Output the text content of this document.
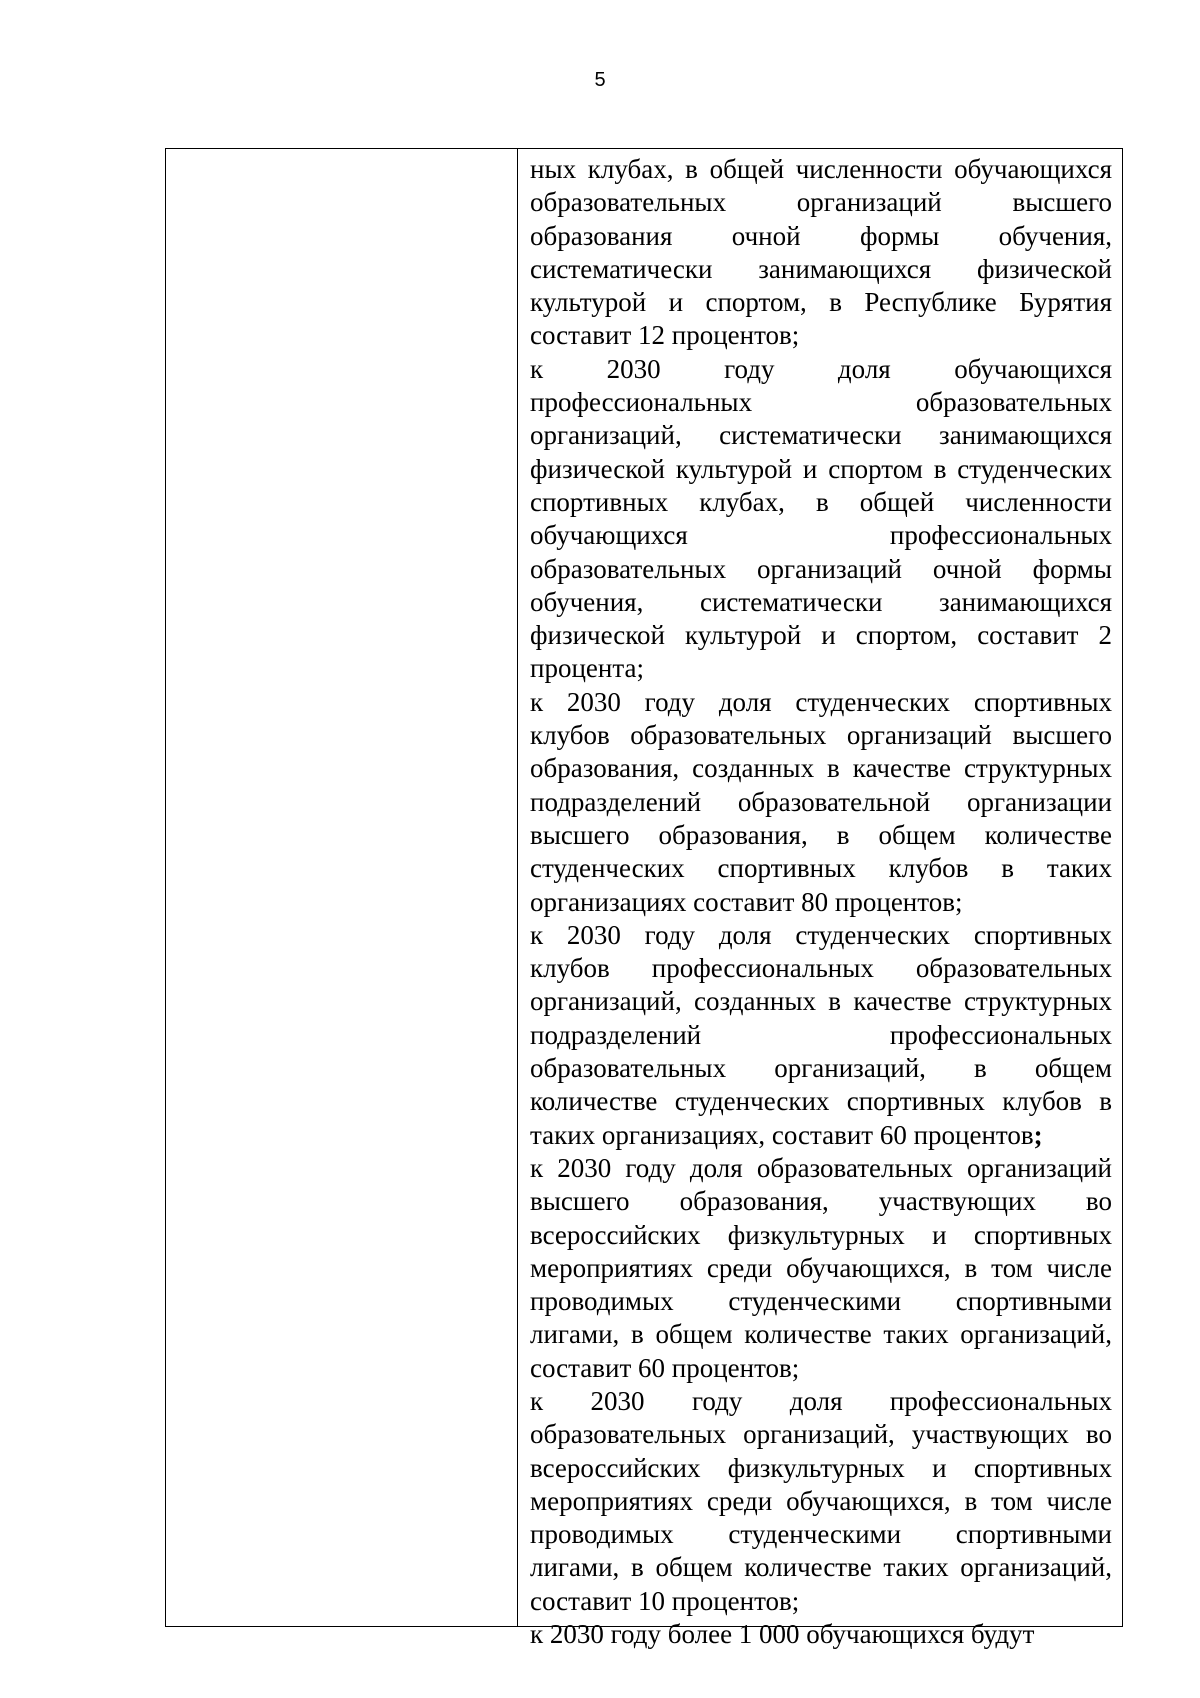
5

ных клубах, в общей численности обучающихся образовательных организаций высшего образования очной формы обучения, систематически занимающихся физической культурой и спортом, в Республике Бурятия составит 12 процентов;

к 2030 году доля обучающихся профессиональных образовательных организаций, систематически занимающихся физической культурой и спортом в студенческих спортивных клубах, в общей численности обучающихся профессиональных образовательных организаций очной формы обучения, систематически занимающихся физической культурой и спортом, составит 2 процента;

к 2030 году доля студенческих спортивных клубов образовательных организаций высшего образования, созданных в качестве структурных подразделений образовательной организации высшего образования, в общем количестве студенческих спортивных клубов в таких организациях составит 80 процентов;

к 2030 году доля студенческих спортивных клубов профессиональных образовательных организаций, созданных в качестве структурных подразделений профессиональных образовательных организаций, в общем количестве студенческих спортивных клубов в таких организациях, составит 60 процентов;

к 2030 году доля образовательных организаций высшего образования, участвующих во всероссийских физкультурных и спортивных мероприятиях среди обучающихся, в том числе проводимых студенческими спортивными лигами, в общем количестве таких организаций, составит 60 процентов;

к 2030 году доля профессиональных образовательных организаций, участвующих во всероссийских физкультурных и спортивных мероприятиях среди обучающихся, в том числе проводимых студенческими спортивными лигами, в общем количестве таких организаций, составит 10 процентов;

к 2030 году более 1 000 обучающихся будут
